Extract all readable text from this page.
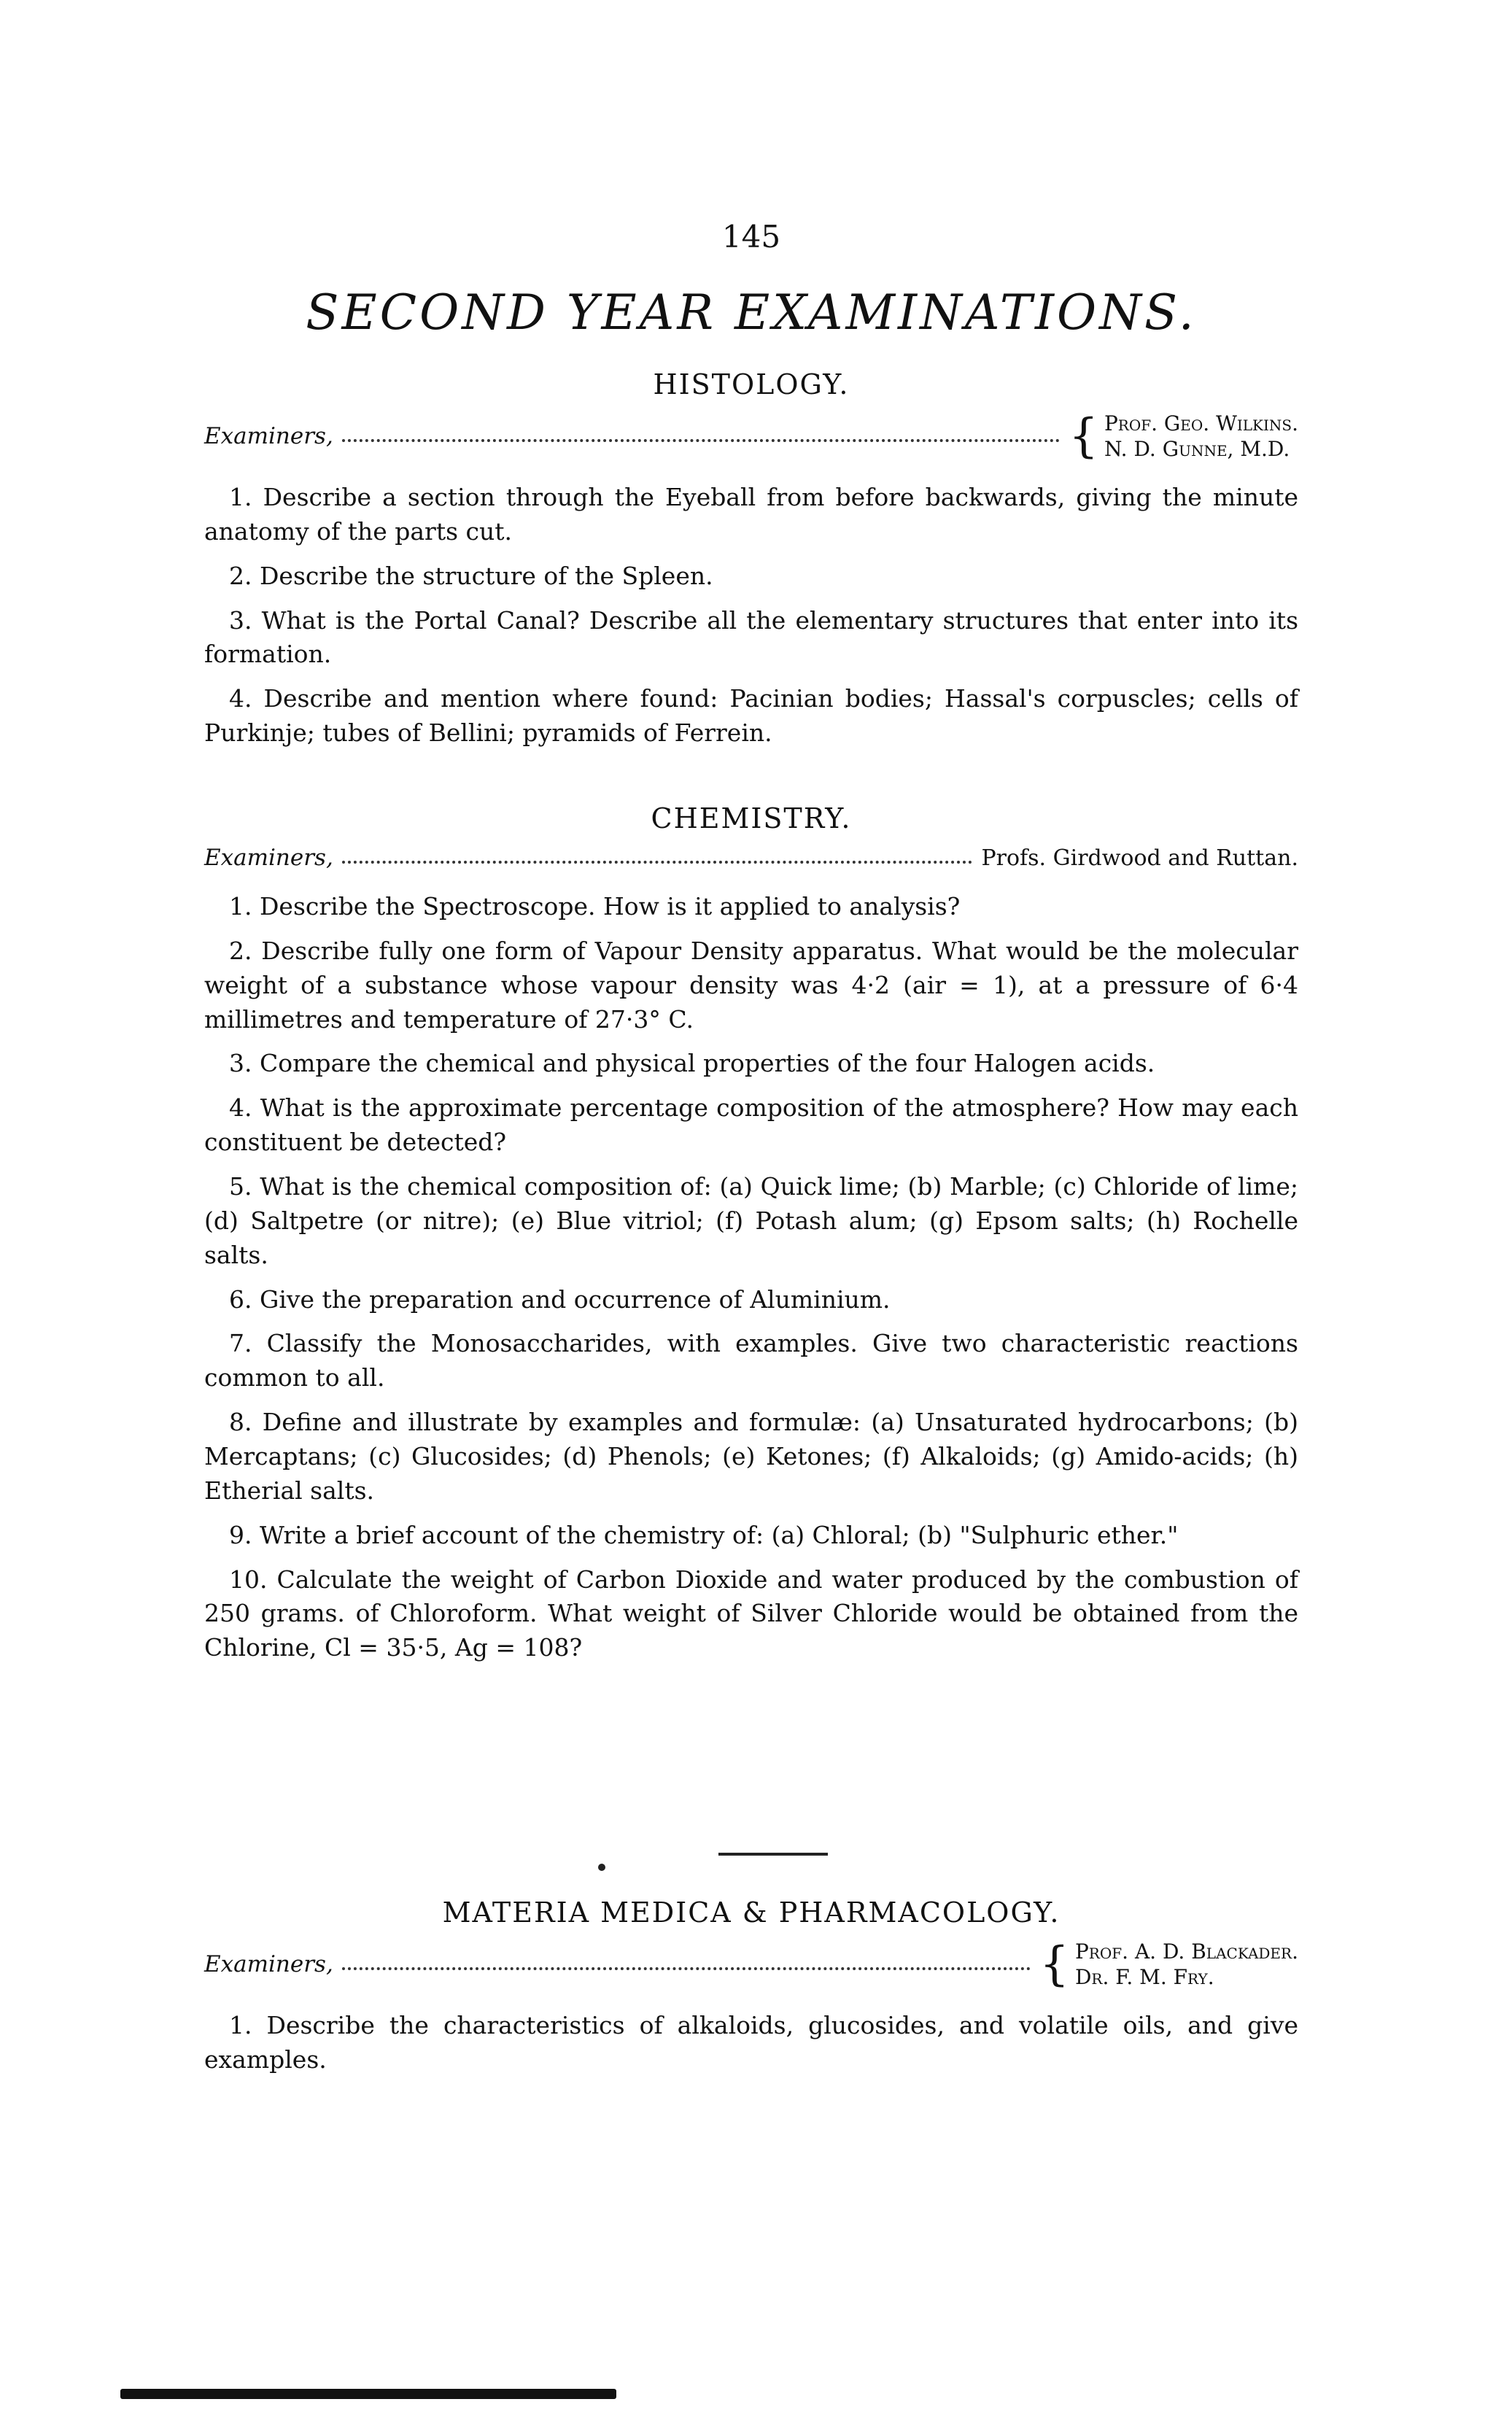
145
SECOND YEAR EXAMINATIONS.
HISTOLOGY.
Examiners,	{ Prof. Geo. Wilkins.
N. D. Gunne, M.D.

1. Describe a section through the Eyeball from before backwards, giving the minute anatomy of the parts cut.

2. Describe the structure of the Spleen.

3. What is the Portal Canal? Describe all the elementary structures that enter into its formation.

4. Describe and mention where found: Pacinian bodies; Hassal's corpuscles; cells of Purkinje; tubes of Bellini; pyramids of Ferrein.

CHEMISTRY.
Examiners,	Profs. Girdwood and Ruttan.

1. Describe the Spectroscope. How is it applied to analysis?

2. Describe fully one form of Vapour Density apparatus. What would be the molecular weight of a substance whose vapour density was 4·2 (air = 1), at a pressure of 6·4 millimetres and temperature of 27·3° C.

3. Compare the chemical and physical properties of the four Halogen acids.

4. What is the approximate percentage composition of the atmosphere? How may each constituent be detected?

5. What is the chemical composition of: (a) Quick lime; (b) Marble; (c) Chloride of lime; (d) Saltpetre (or nitre); (e) Blue vitriol; (f) Potash alum; (g) Epsom salts; (h) Rochelle salts.

6. Give the preparation and occurrence of Aluminium.

7. Classify the Monosaccharides, with examples. Give two characteristic reactions common to all.

8. Define and illustrate by examples and formulæ: (a) Unsaturated hydrocarbons; (b) Mercaptans; (c) Glucosides; (d) Phenols; (e) Ketones; (f) Alkaloids; (g) Amido-acids; (h) Etherial salts.

9. Write a brief account of the chemistry of: (a) Chloral; (b) "Sulphuric ether."

10. Calculate the weight of Carbon Dioxide and water produced by the combustion of 250 grams. of Chloroform. What weight of Silver Chloride would be obtained from the Chlorine, Cl = 35·5, Ag = 108?

MATERIA MEDICA & PHARMACOLOGY.
Examiners,	{ Prof. A. D. Blackader.
Dr. F. M. Fry.

1. Describe the characteristics of alkaloids, glucosides, and volatile oils, and give examples.
